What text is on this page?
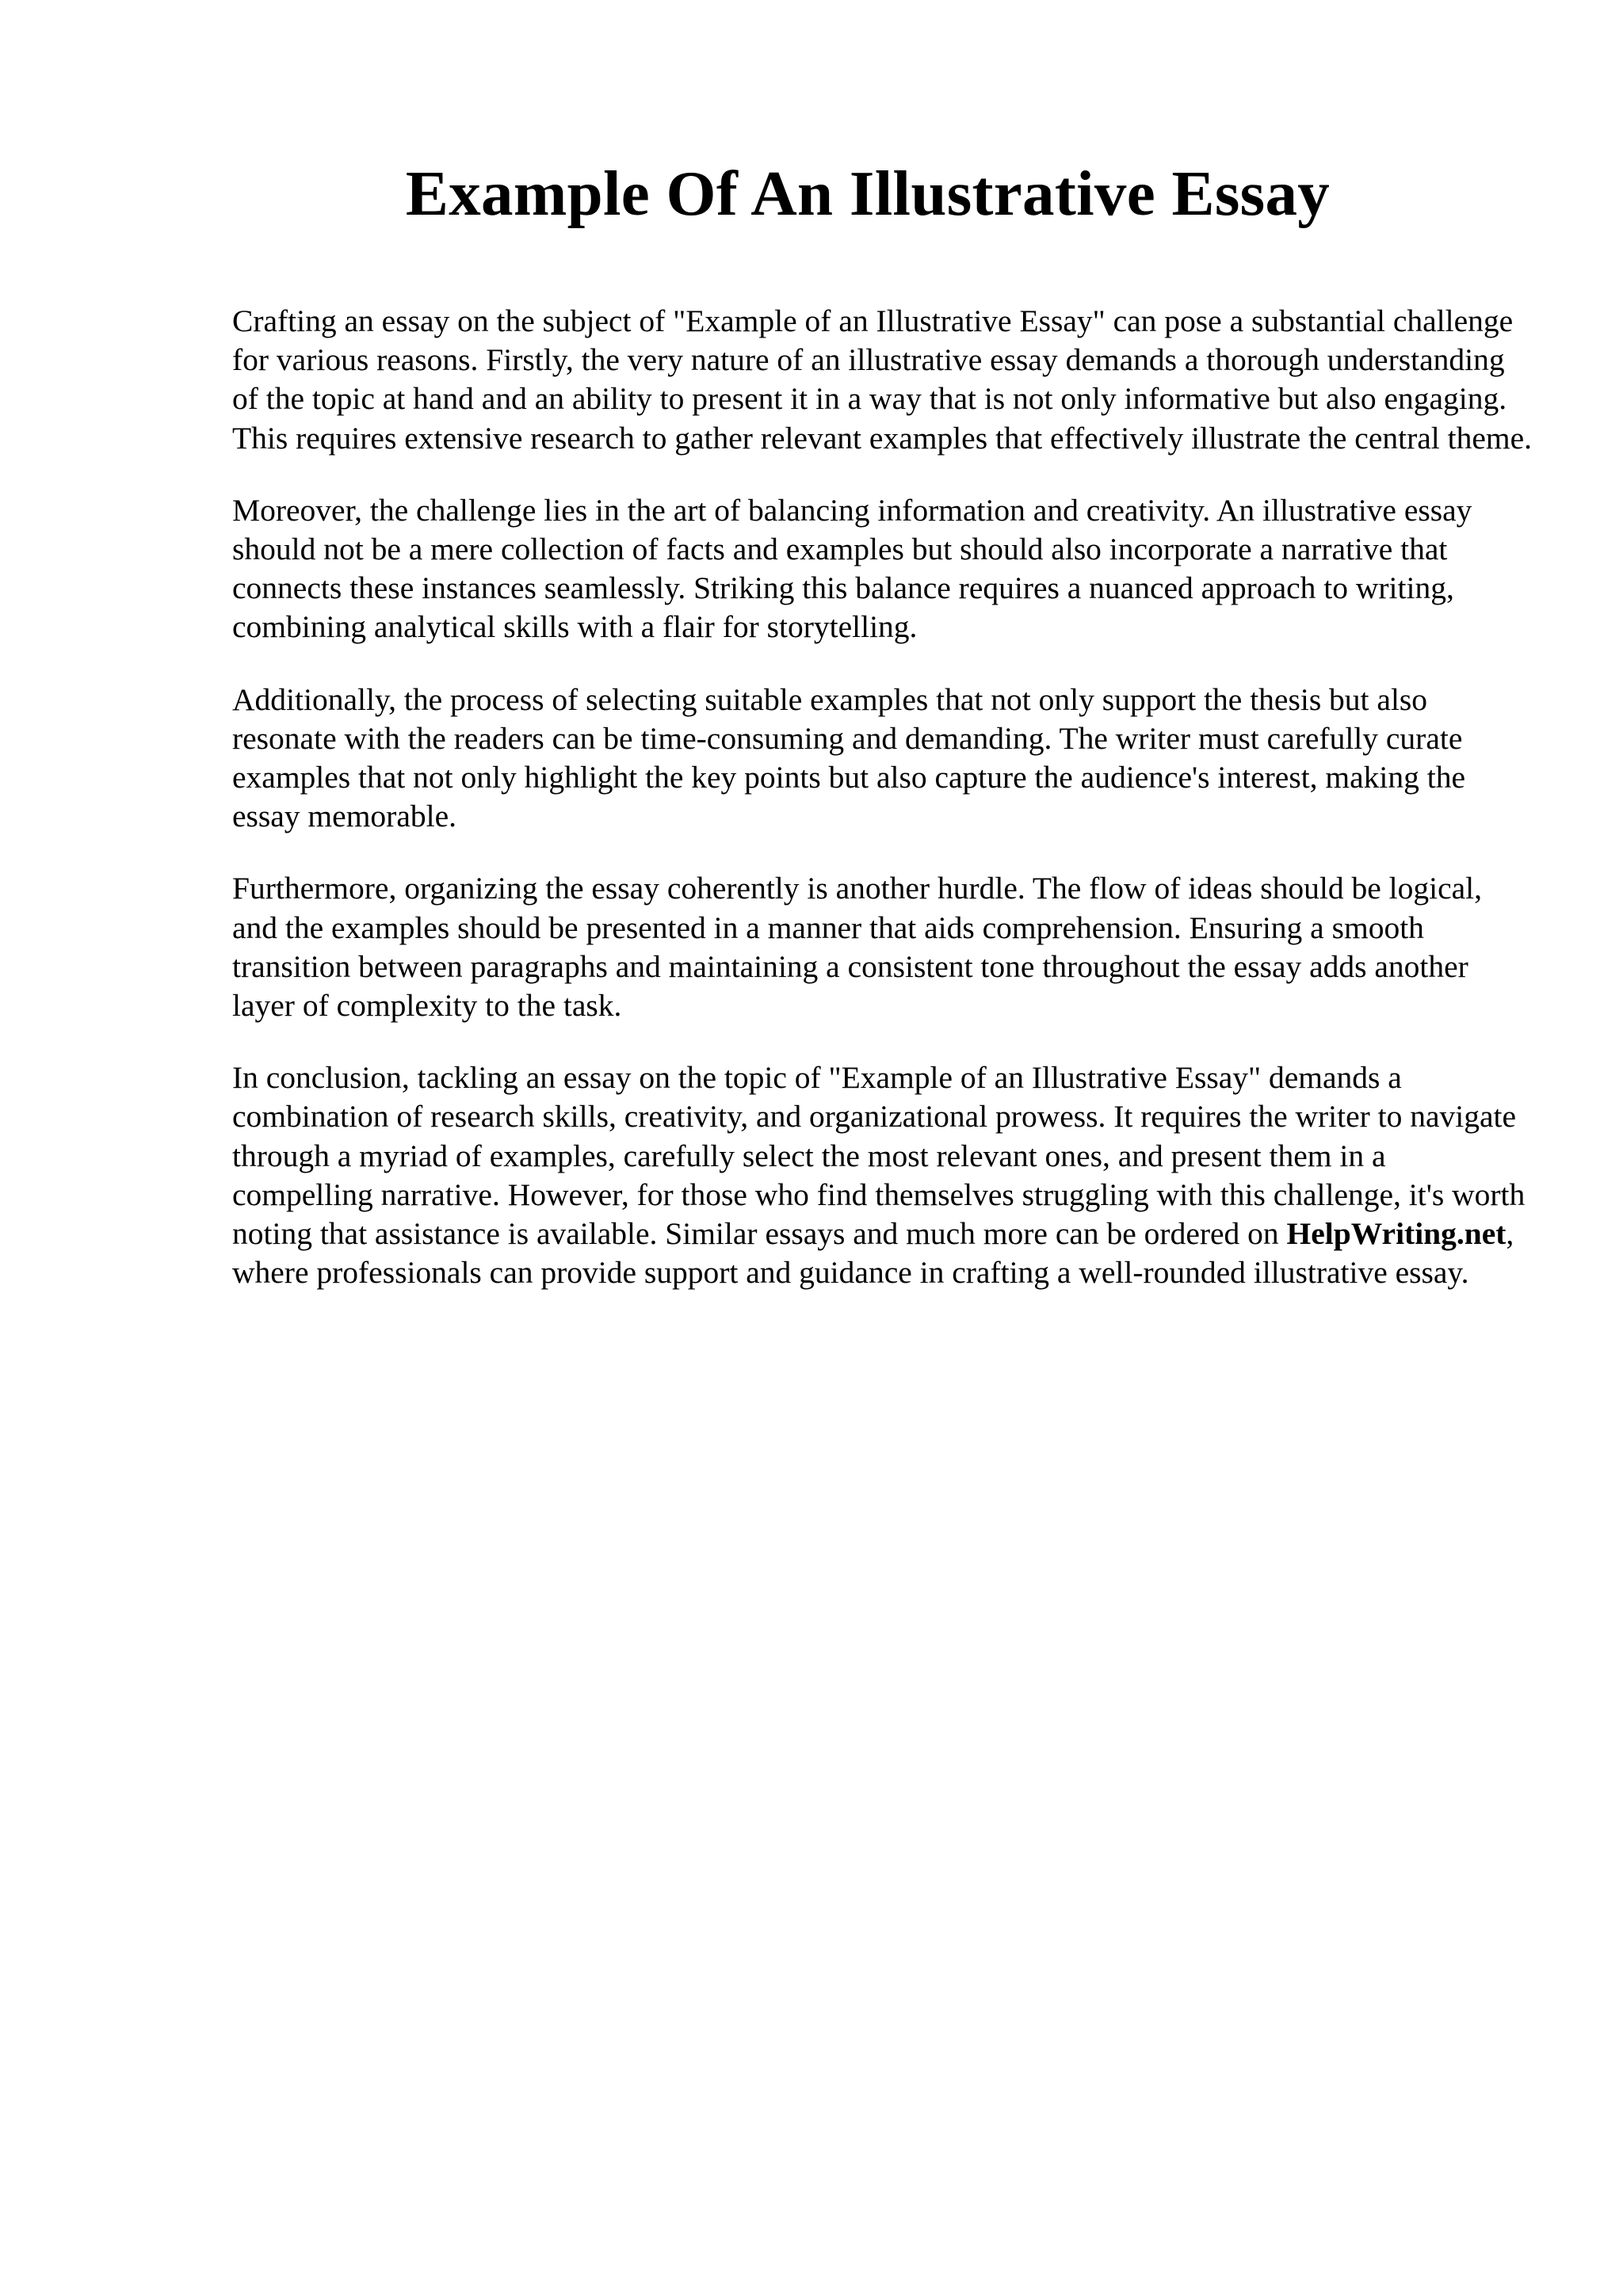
Example Of An Illustrative Essay

Crafting an essay on the subject of "Example of an Illustrative Essay" can pose a substantial challenge for various reasons. Firstly, the very nature of an illustrative essay demands a thorough understanding of the topic at hand and an ability to present it in a way that is not only informative but also engaging. This requires extensive research to gather relevant examples that effectively illustrate the central theme.

Moreover, the challenge lies in the art of balancing information and creativity. An illustrative essay should not be a mere collection of facts and examples but should also incorporate a narrative that connects these instances seamlessly. Striking this balance requires a nuanced approach to writing, combining analytical skills with a flair for storytelling.

Additionally, the process of selecting suitable examples that not only support the thesis but also resonate with the readers can be time-consuming and demanding. The writer must carefully curate examples that not only highlight the key points but also capture the audience's interest, making the essay memorable.

Furthermore, organizing the essay coherently is another hurdle. The flow of ideas should be logical, and the examples should be presented in a manner that aids comprehension. Ensuring a smooth transition between paragraphs and maintaining a consistent tone throughout the essay adds another layer of complexity to the task.

In conclusion, tackling an essay on the topic of "Example of an Illustrative Essay" demands a combination of research skills, creativity, and organizational prowess. It requires the writer to navigate through a myriad of examples, carefully select the most relevant ones, and present them in a compelling narrative. However, for those who find themselves struggling with this challenge, it's worth noting that assistance is available. Similar essays and much more can be ordered on HelpWriting.net, where professionals can provide support and guidance in crafting a well-rounded illustrative essay.
